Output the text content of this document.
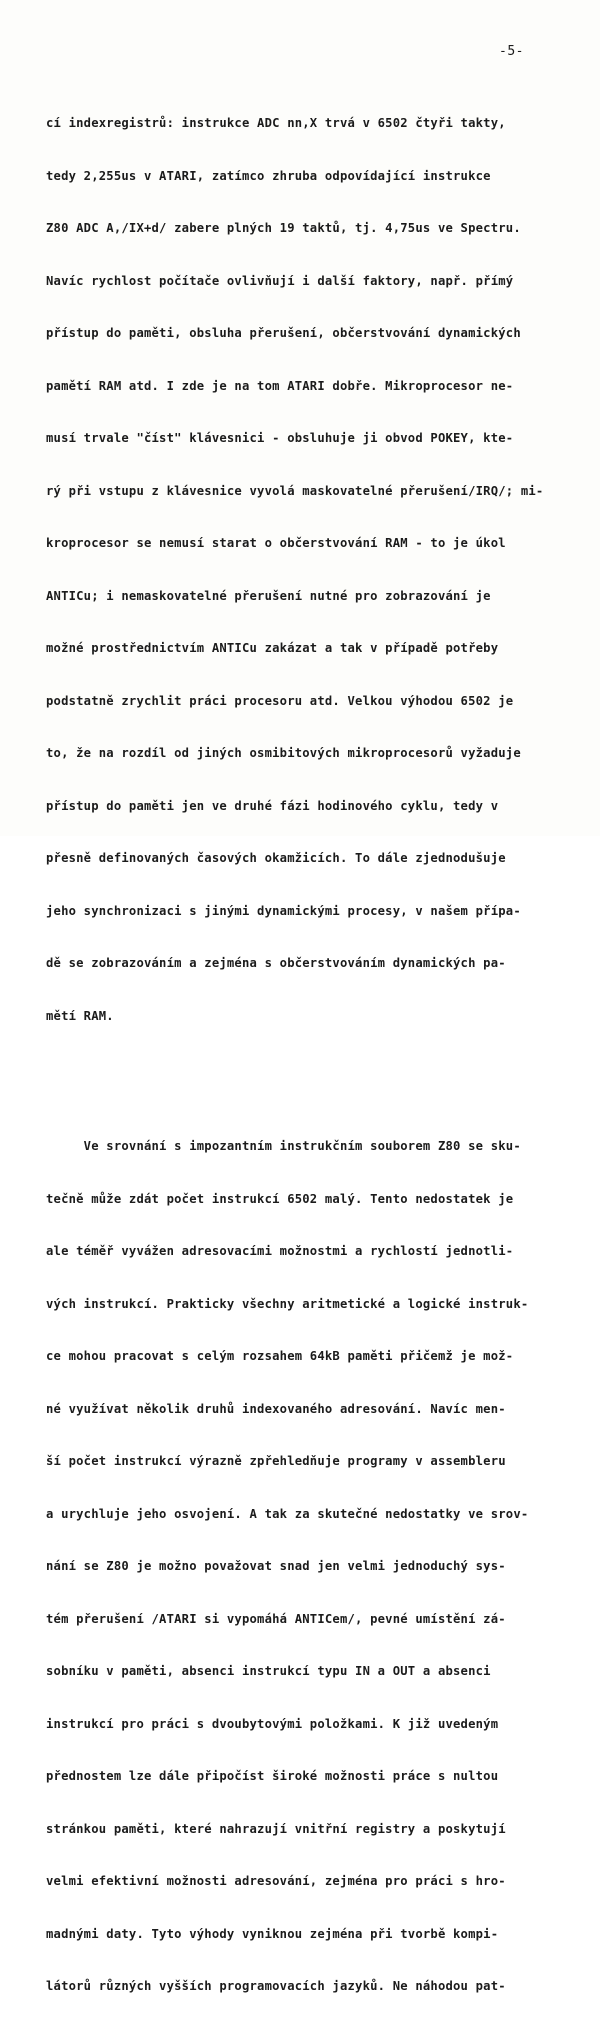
-5-

cí indexregistrů: instrukce ADC nn,X trvá v 6502 čtyři takty,

tedy 2,255us v ATARI, zatímco zhruba odpovídající instrukce

Z80 ADC A,/IX+d/ zabere plných 19 taktů, tj. 4,75us ve Spectru.

Navíc rychlost počítače ovlivňují i další faktory, např. přímý

přístup do paměti, obsluha přerušení, občerstvování dynamických

pamětí RAM atd. I zde je na tom ATARI dobře. Mikroprocesor ne-

musí trvale "číst" klávesnici - obsluhuje ji obvod POKEY, kte-

rý při vstupu z klávesnice vyvolá maskovatelné přerušení/IRQ/; mi-

kroprocesor se nemusí starat o občerstvování RAM - to je úkol

ANTICu; i nemaskovatelné přerušení nutné pro zobrazování je

možné prostřednictvím ANTICu zakázat a tak v případě potřeby

podstatně zrychlit práci procesoru atd. Velkou výhodou 6502 je

to, že na rozdíl od jiných osmibitových mikroprocesorů vyžaduje

přístup do paměti jen ve druhé fázi hodinového cyklu, tedy v

přesně definovaných časových okamžicích. To dále zjednodušuje

jeho synchronizaci s jinými dynamickými procesy, v našem přípa-

dě se zobrazováním a zejména s občerstvováním dynamických pa-

mětí RAM.

Ve srovnání s impozantním instrukčním souborem Z80 se sku-

tečně může zdát počet instrukcí 6502 malý. Tento nedostatek je

ale téměř vyvážen adresovacími možnostmi a rychlostí jednotli-

vých instrukcí. Prakticky všechny aritmetické a logické instruk-

ce mohou pracovat s celým rozsahem 64kB paměti přičemž je mož-

né využívat několik druhů indexovaného adresování. Navíc men-

ší počet instrukcí výrazně zpřehledňuje programy v assembleru

a urychluje jeho osvojení. A tak za skutečné nedostatky ve srov-

nání se Z80 je možno považovat snad jen velmi jednoduchý sys-

tém přerušení /ATARI si vypomáhá ANTICem/, pevné umístění zá-

sobníku v paměti, absenci instrukcí typu IN a OUT a absenci

instrukcí pro práci s dvoubytovými položkami. K již uvedeným

přednostem lze dále připočíst široké možnosti práce s nultou

stránkou paměti, které nahrazují vnitřní registry a poskytují

velmi efektivní možnosti adresování, zejména pro práci s hro-

madnými daty. Tyto výhody vyniknou zejména při tvorbě kompi-

látorů různých vyšších programovacích jazyků. Ne náhodou pat-
